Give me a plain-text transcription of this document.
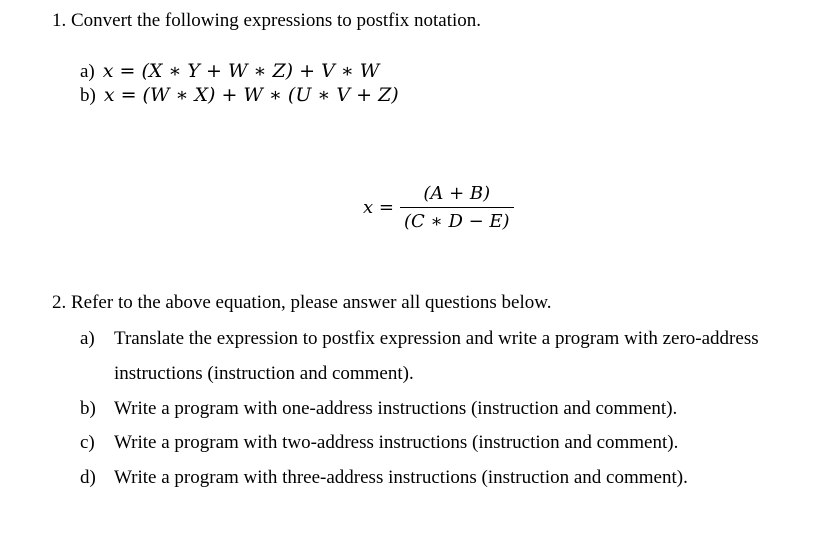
1. Convert the following expressions to postfix notation.
a) x = (X ∗ Y + W ∗ Z) + V ∗ W
b) x = (W ∗ X) + W ∗ (U ∗ V + Z)
$x = \frac{(A + B)}{(C ∗ D - E)}$
2. Refer to the above equation, please answer all questions below.
a) Translate the expression to postfix expression and write a program with zero-address
instructions (instruction and comment).
b) Write a program with one-address instructions (instruction and comment).
c) Write a program with two-address instructions (instruction and comment).
d) Write a program with three-address instructions (instruction and comment).
